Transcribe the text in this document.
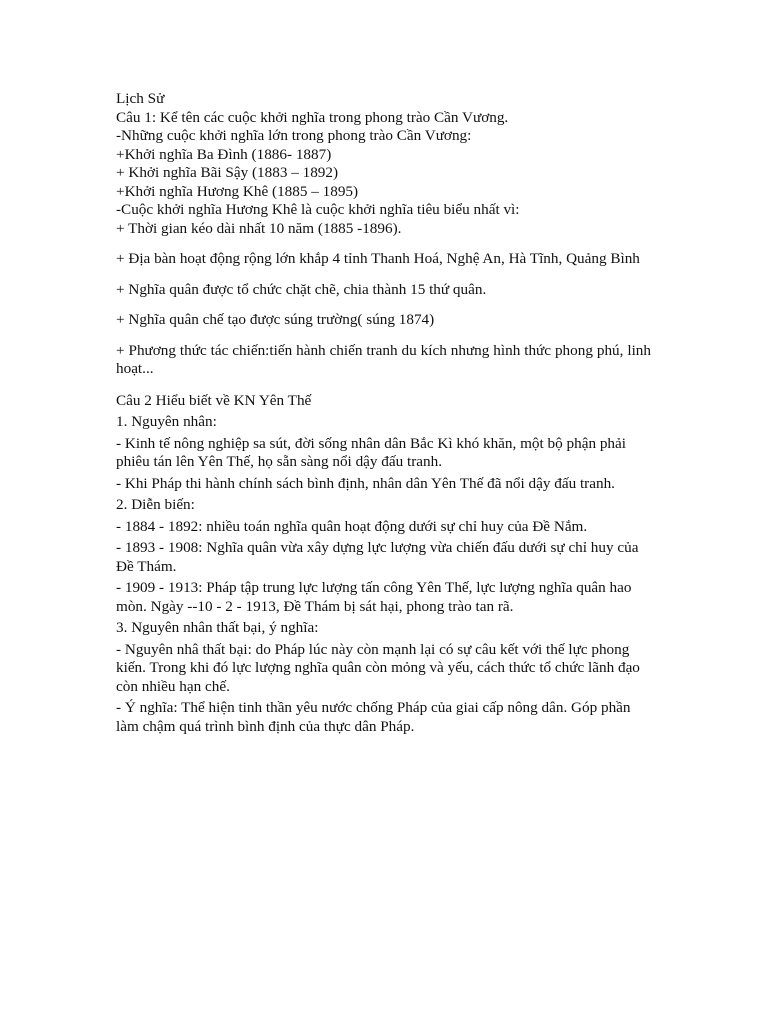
Lịch Sử

Câu 1: Kể tên các cuộc khởi nghĩa trong phong trào Cần Vương.

-Những cuộc khởi nghĩa lớn trong phong trào Cần Vương:

+Khởi nghĩa Ba Đình (1886- 1887)

+ Khởi nghĩa Bãi Sậy (1883 – 1892)

+Khởi nghĩa Hương Khê (1885 – 1895)

-Cuộc khởi nghĩa Hương Khê là cuộc khởi nghĩa tiêu biểu nhất vì:

+ Thời gian kéo dài nhất 10 năm (1885 -1896).

+ Địa bàn hoạt động rộng lớn khắp 4 tỉnh Thanh Hoá, Nghệ An, Hà Tĩnh, Quảng Bình

+ Nghĩa quân được tổ chức chặt chẽ, chia thành 15 thứ quân.

+ Nghĩa quân chế tạo được súng trường( súng 1874)

+ Phương thức tác chiến:tiến hành chiến tranh du kích nhưng hình thức phong phú, linh hoạt...

Câu 2 Hiểu biết về KN Yên Thế

1. Nguyên nhân:

- Kinh tế nông nghiệp sa sút, đời sống nhân dân Bắc Kì khó khăn, một bộ phận phải phiêu tán lên Yên Thế, họ sẵn sàng nổi dậy đấu tranh.

- Khi Pháp thi hành chính sách bình định, nhân dân Yên Thế đã nổi dậy đấu tranh.

2. Diễn biến:

- 1884 - 1892: nhiều toán nghĩa quân hoạt động dưới sự chỉ huy của Đề Nắm.

- 1893 - 1908: Nghĩa quân vừa xây dựng lực lượng vừa chiến đấu dưới sự chỉ huy của Đề Thám.

- 1909 - 1913: Pháp tập trung lực lượng tấn công Yên Thế, lực lượng nghĩa quân hao mòn. Ngày --10 - 2 - 1913, Đề Thám bị sát hại, phong trào tan rã.

3. Nguyên nhân thất bại, ý nghĩa:

- Nguyên nhâ thất bại: do Pháp lúc này còn mạnh lại có sự câu kết với thế lực phong kiến. Trong khi đó lực lượng nghĩa quân còn mỏng và yếu, cách thức tổ chức lãnh đạo còn nhiều hạn chế.

- Ý nghĩa: Thể hiện tinh thần yêu nước chống Pháp của giai cấp nông dân. Góp phần làm chậm quá trình bình định của thực dân Pháp.
